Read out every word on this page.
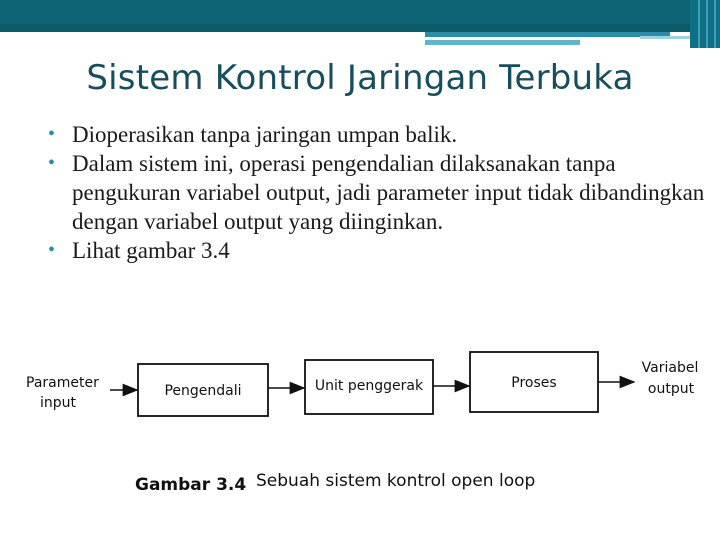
Sistem Kontrol Jaringan Terbuka
• Dioperasikan tanpa jaringan umpan balik.
• Dalam sistem ini, operasi pengendalian dilaksanakan tanpa pengukuran variabel output, jadi parameter input tidak dibandingkan dengan variabel output yang diinginkan.
• Lihat gambar 3.4
Parameter
input
Pengendali	Unit penggerak	Proses
Variabel
output
Gambar 3.4 Sebuah sistem kontrol open loop
